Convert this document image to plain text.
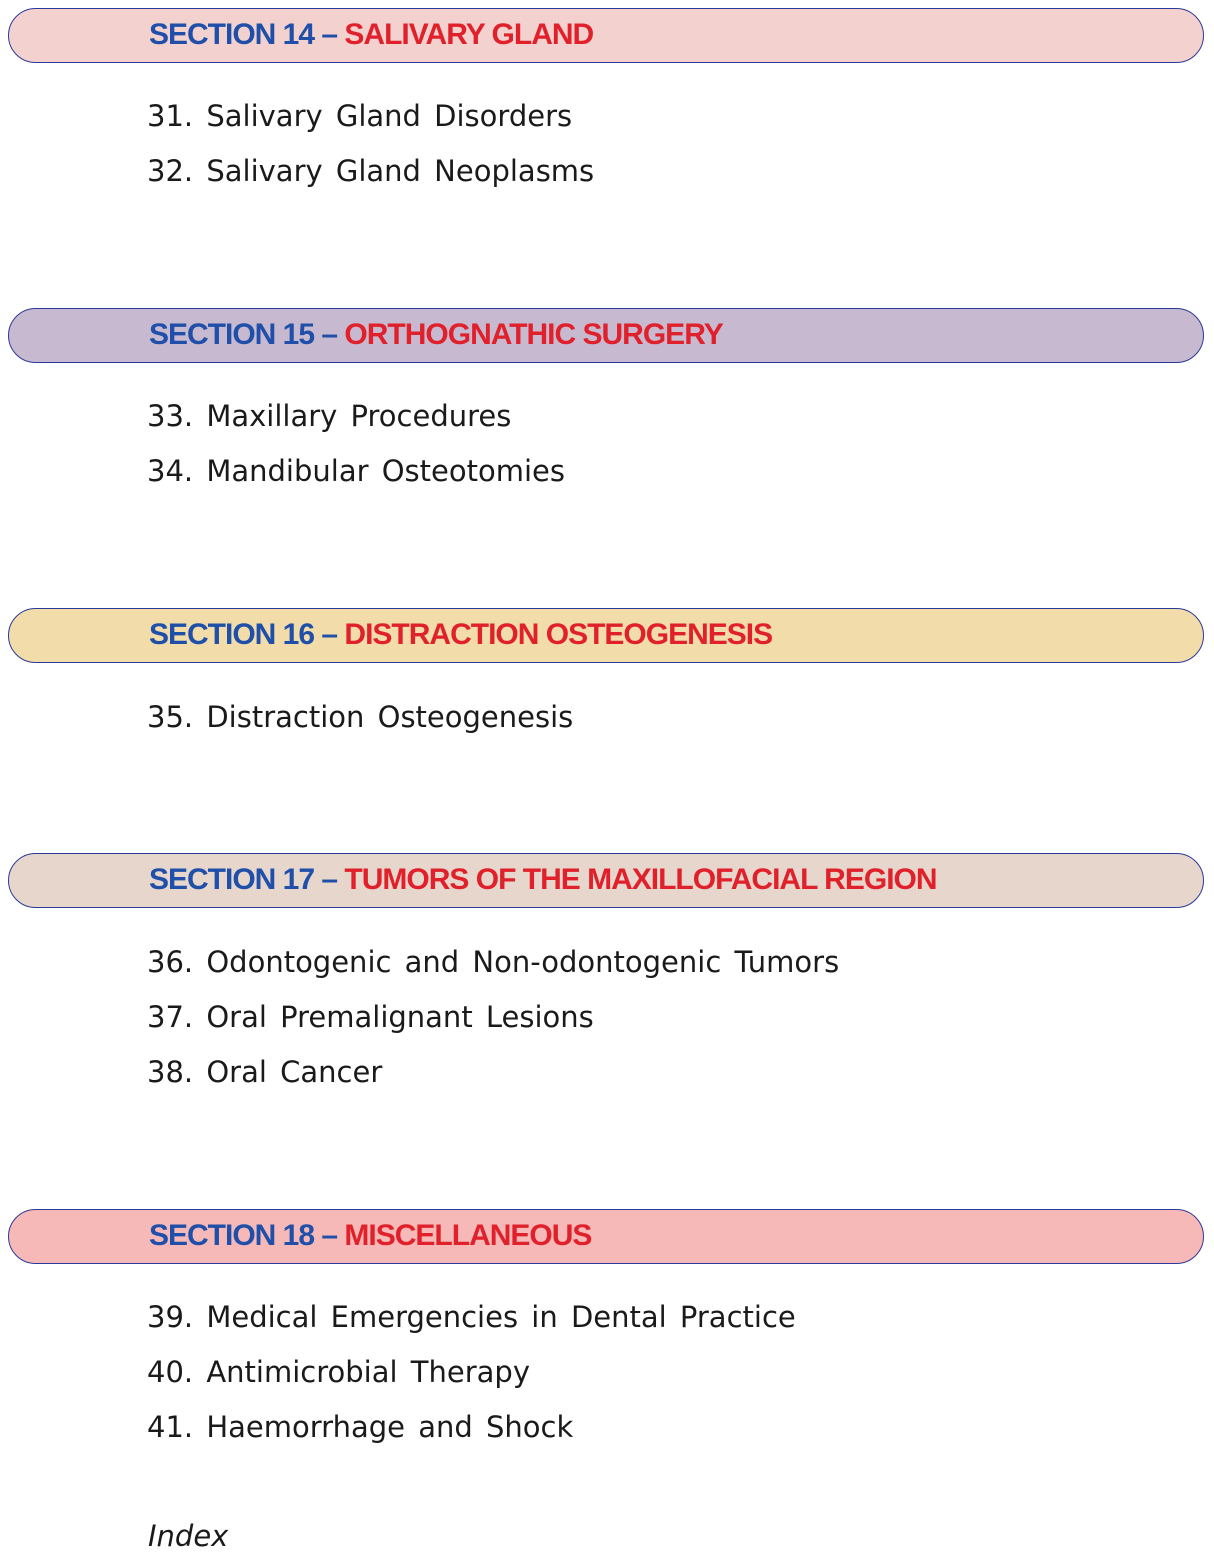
SECTION 14 – SALIVARY GLAND
31. Salivary Gland Disorders
32. Salivary Gland Neoplasms
SECTION 15 – ORTHOGNATHIC SURGERY
33. Maxillary Procedures
34. Mandibular Osteotomies
SECTION 16 – DISTRACTION OSTEOGENESIS
35. Distraction Osteogenesis
SECTION 17 – TUMORS OF THE MAXILLOFACIAL REGION
36. Odontogenic and Non-odontogenic Tumors
37. Oral Premalignant Lesions
38. Oral Cancer
SECTION 18 – MISCELLANEOUS
39. Medical Emergencies in Dental Practice
40. Antimicrobial Therapy
41. Haemorrhage and Shock
Index
